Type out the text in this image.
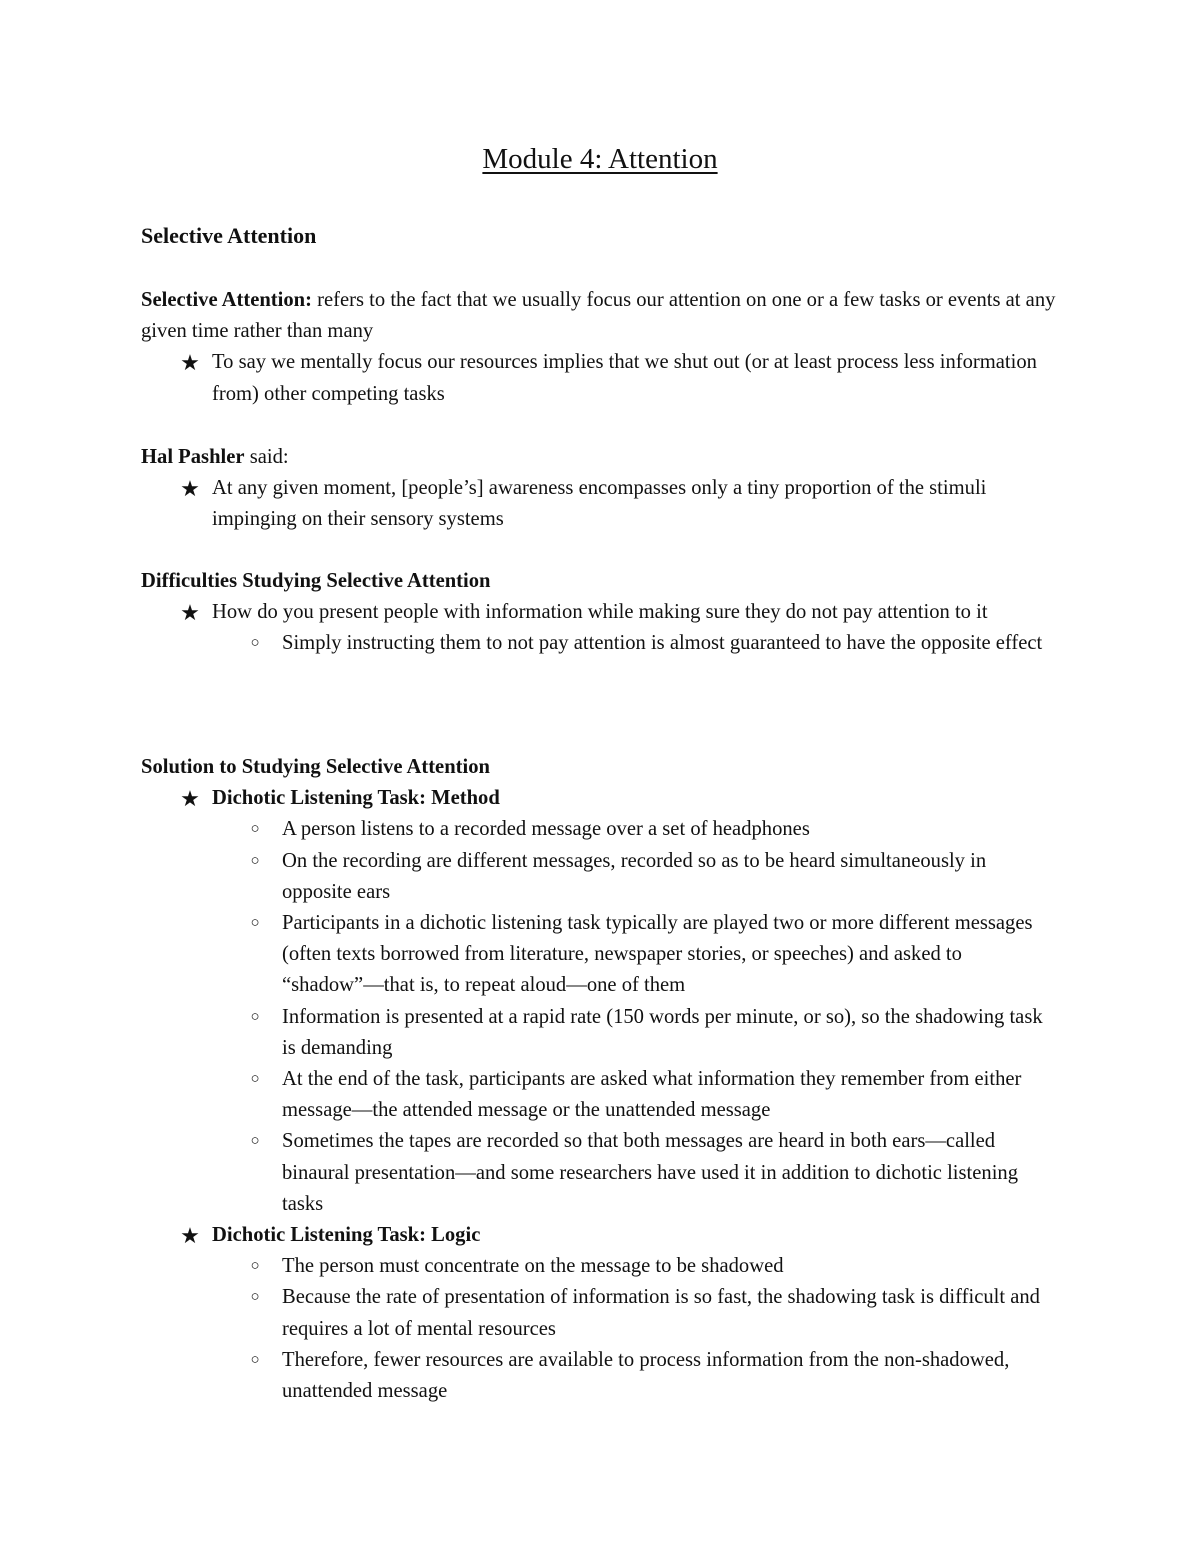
Module 4: Attention
Selective Attention
Selective Attention: refers to the fact that we usually focus our attention on one or a few tasks or events at any given time rather than many
★ To say we mentally focus our resources implies that we shut out (or at least process less information from) other competing tasks
Hal Pashler said:
★ At any given moment, [people’s] awareness encompasses only a tiny proportion of the stimuli impinging on their sensory systems
Difficulties Studying Selective Attention
★ How do you present people with information while making sure they do not pay attention to it
○	Simply instructing them to not pay attention is almost guaranteed to have the opposite effect
Solution to Studying Selective Attention
★ Dichotic Listening Task: Method
○	A person listens to a recorded message over a set of headphones
○	On the recording are different messages, recorded so as to be heard simultaneously in opposite ears
○	Participants in a dichotic listening task typically are played two or more different messages (often texts borrowed from literature, newspaper stories, or speeches) and asked to “shadow”—that is, to repeat aloud—one of them
○	Information is presented at a rapid rate (150 words per minute, or so), so the shadowing task is demanding
○	At the end of the task, participants are asked what information they remember from either message—the attended message or the unattended message
○	Sometimes the tapes are recorded so that both messages are heard in both ears—called binaural presentation—and some researchers have used it in addition to dichotic listening tasks
★ Dichotic Listening Task: Logic
○	The person must concentrate on the message to be shadowed
○	Because the rate of presentation of information is so fast, the shadowing task is difficult and requires a lot of mental resources
○	Therefore, fewer resources are available to process information from the non-shadowed, unattended message
